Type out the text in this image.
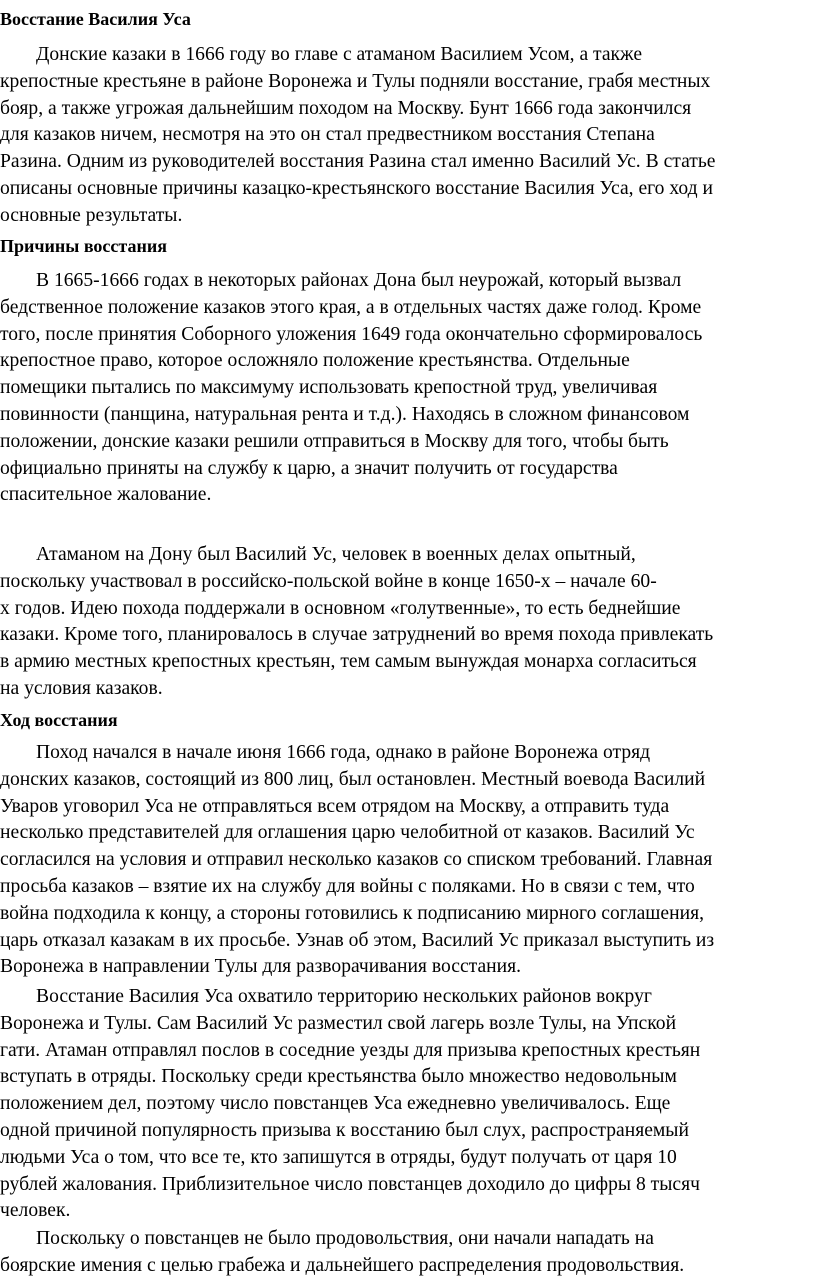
Восстание Василия Уса

Донские казаки в 1666 году во главе с атаманом Василием Усом, а также
крепостные крестьяне в районе Воронежа и Тулы подняли восстание, грабя местных
бояр, а также угрожая дальнейшим походом на Москву. Бунт 1666 года закончился
для казаков ничем, несмотря на это он стал предвестником восстания Степана
Разина. Одним из руководителей восстания Разина стал именно Василий Ус. В статье
описаны основные причины казацко-крестьянского восстание Василия Уса, его ход и
основные результаты.

Причины восстания

В 1665-1666 годах в некоторых районах Дона был неурожай, который вызвал
бедственное положение казаков этого края, а в отдельных частях даже голод. Кроме
того, после принятия Соборного уложения 1649 года окончательно сформировалось
крепостное право, которое осложняло положение крестьянства. Отдельные
помещики пытались по максимуму использовать крепостной труд, увеличивая
повинности (панщина, натуральная рента и т.д.). Находясь в сложном финансовом
положении, донские казаки решили отправиться в Москву для того, чтобы быть
официально приняты на службу к царю, а значит получить от государства
спасительное жалование.

Атаманом на Дону был Василий Ус, человек в военных делах опытный,
поскольку участвовал в российско-польской войне в конце 1650-х – начале 60-
х годов. Идею похода поддержали в основном «голутвенные», то есть беднейшие
казаки. Кроме того, планировалось в случае затруднений во время похода привлекать
в армию местных крепостных крестьян, тем самым вынуждая монарха согласиться
на условия казаков.

Ход восстания

Поход начался в начале июня 1666 года, однако в районе Воронежа отряд
донских казаков, состоящий из 800 лиц, был остановлен. Местный воевода Василий
Уваров уговорил Уса не отправляться всем отрядом на Москву, а отправить туда
несколько представителей для оглашения царю челобитной от казаков. Василий Ус
согласился на условия и отправил несколько казаков со списком требований. Главная
просьба казаков – взятие их на службу для войны с поляками. Но в связи с тем, что
война подходила к концу, а стороны готовились к подписанию мирного соглашения,
царь отказал казакам в их просьбе. Узнав об этом, Василий Ус приказал выступить из
Воронежа в направлении Тулы для разворачивания восстания.

Восстание Василия Уса охватило территорию нескольких районов вокруг
Воронежа и Тулы. Сам Василий Ус разместил свой лагерь возле Тулы, на Упской
гати. Атаман отправлял послов в соседние уезды для призыва крепостных крестьян
вступать в отряды. Поскольку среди крестьянства было множество недовольным
положением дел, поэтому число повстанцев Уса ежедневно увеличивалось. Еще
одной причиной популярность призыва к восстанию был слух, распространяемый
людьми Уса о том, что все те, кто запишутся в отряды, будут получать от царя 10
рублей жалования. Приблизительное число повстанцев доходило до цифры 8 тысяч
человек.

Поскольку о повстанцев не было продовольствия, они начали нападать на
боярские имения с целью грабежа и дальнейшего распределения продовольствия.
